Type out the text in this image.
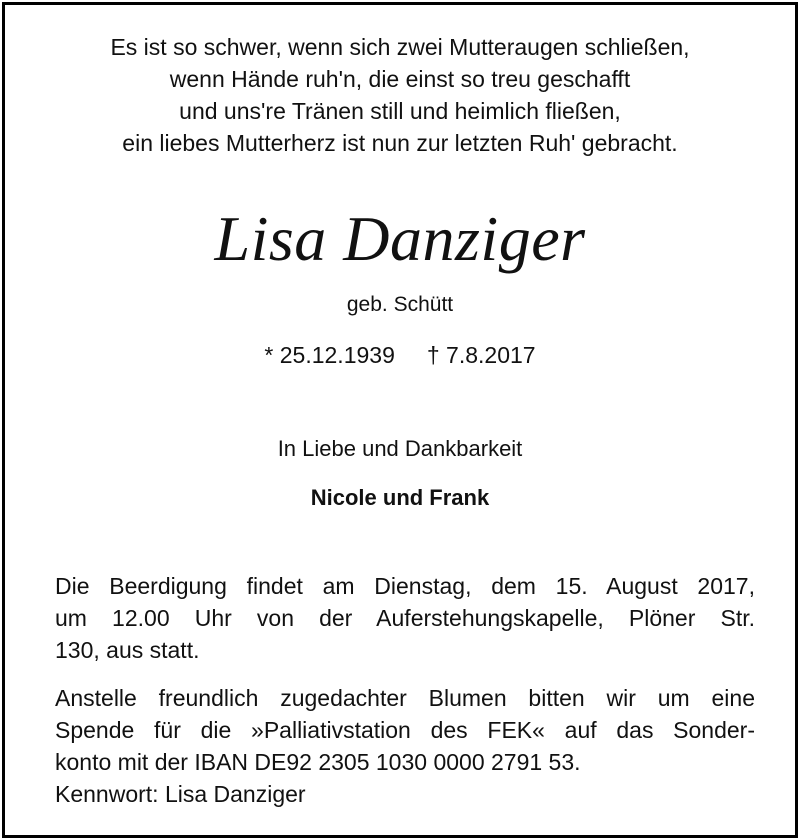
Es ist so schwer, wenn sich zwei Mutteraugen schließen,
wenn Hände ruh'n, die einst so treu geschafft
und uns're Tränen still und heimlich fließen,
ein liebes Mutterherz ist nun zur letzten Ruh' gebracht.
Lisa Danziger
geb. Schütt
* 25.12.1939 † 7.8.2017
In Liebe und Dankbarkeit
Nicole und Frank
Die Beerdigung findet am Dienstag, dem 15. August 2017,
um 12.00 Uhr von der Auferstehungskapelle, Plöner Str.
130, aus statt.
Anstelle freundlich zugedachter Blumen bitten wir um eine
Spende für die »Palliativstation des FEK« auf das Sonder-
konto mit der IBAN DE92 2305 1030 0000 2791 53.
Kennwort: Lisa Danziger
